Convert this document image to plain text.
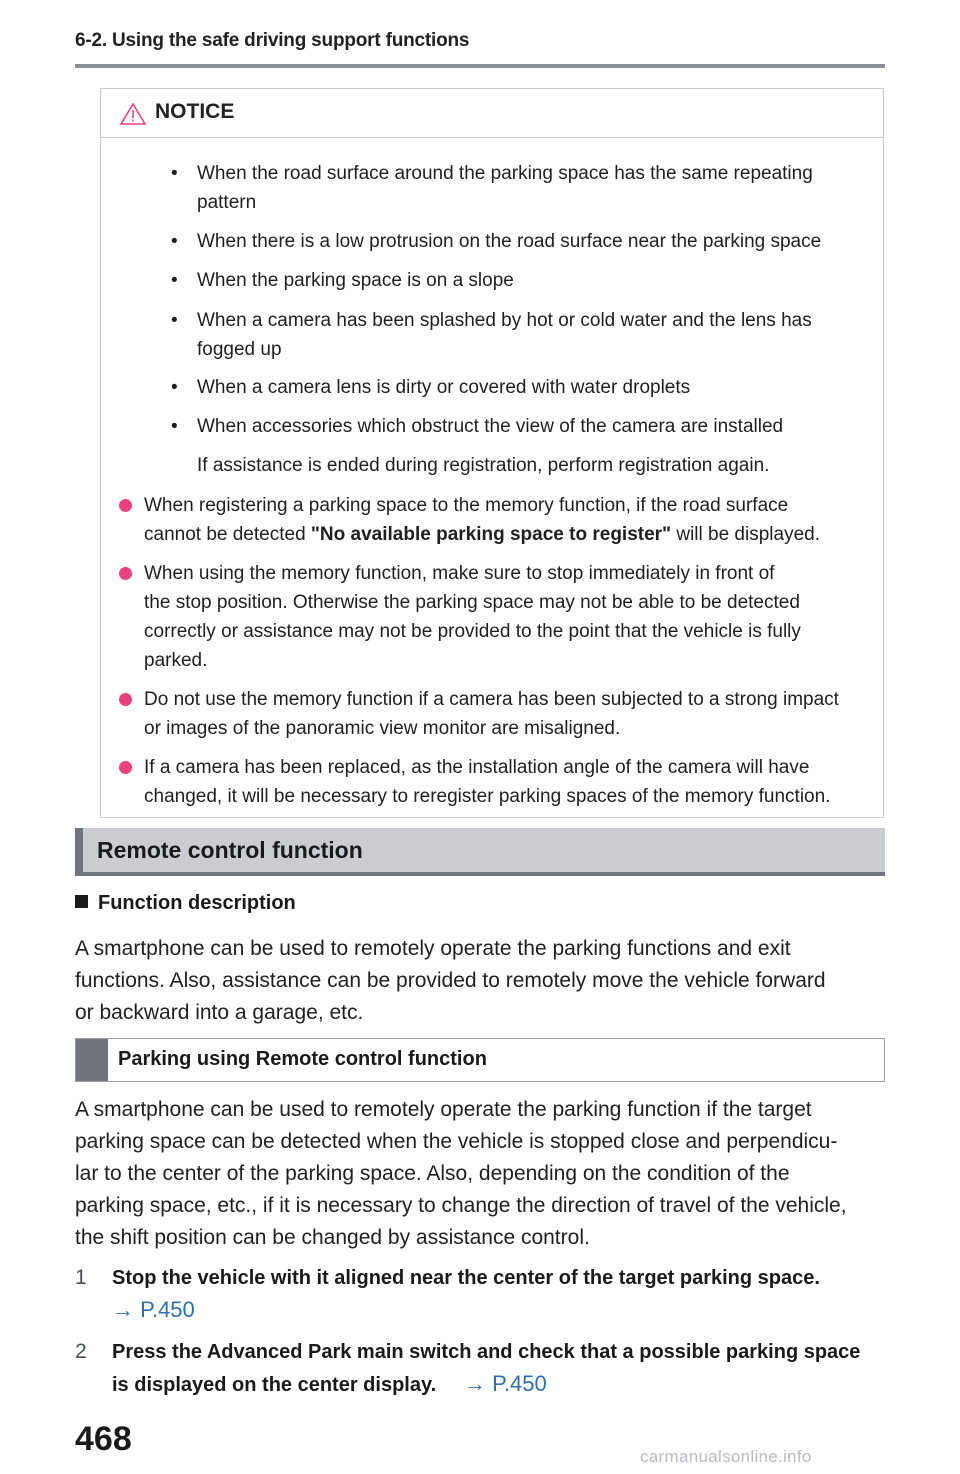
6-2. Using the safe driving support functions
NOTICE
• When the road surface around the parking space has the same repeating
pattern
• When there is a low protrusion on the road surface near the parking space
• When the parking space is on a slope
• When a camera has been splashed by hot or cold water and the lens has
fogged up
• When a camera lens is dirty or covered with water droplets
• When accessories which obstruct the view of the camera are installed
If assistance is ended during registration, perform registration again.
When registering a parking space to the memory function, if the road surface
cannot be detected "No available parking space to register" will be displayed.
When using the memory function, make sure to stop immediately in front of
the stop position. Otherwise the parking space may not be able to be detected
correctly or assistance may not be provided to the point that the vehicle is fully
parked.
Do not use the memory function if a camera has been subjected to a strong impact
or images of the panoramic view monitor are misaligned.
If a camera has been replaced, as the installation angle of the camera will have
changed, it will be necessary to reregister parking spaces of the memory function.
Remote control function
Function description
A smartphone can be used to remotely operate the parking functions and exit
functions. Also, assistance can be provided to remotely move the vehicle forward
or backward into a garage, etc.
Parking using Remote control function
A smartphone can be used to remotely operate the parking function if the target
parking space can be detected when the vehicle is stopped close and perpendicu-
lar to the center of the parking space. Also, depending on the condition of the
parking space, etc., if it is necessary to change the direction of travel of the vehicle,
the shift position can be changed by assistance control.
1 Stop the vehicle with it aligned near the center of the target parking space.
→ P.450
2 Press the Advanced Park main switch and check that a possible parking space
is displayed on the center display. → P.450
468	carmanualsonline.info
